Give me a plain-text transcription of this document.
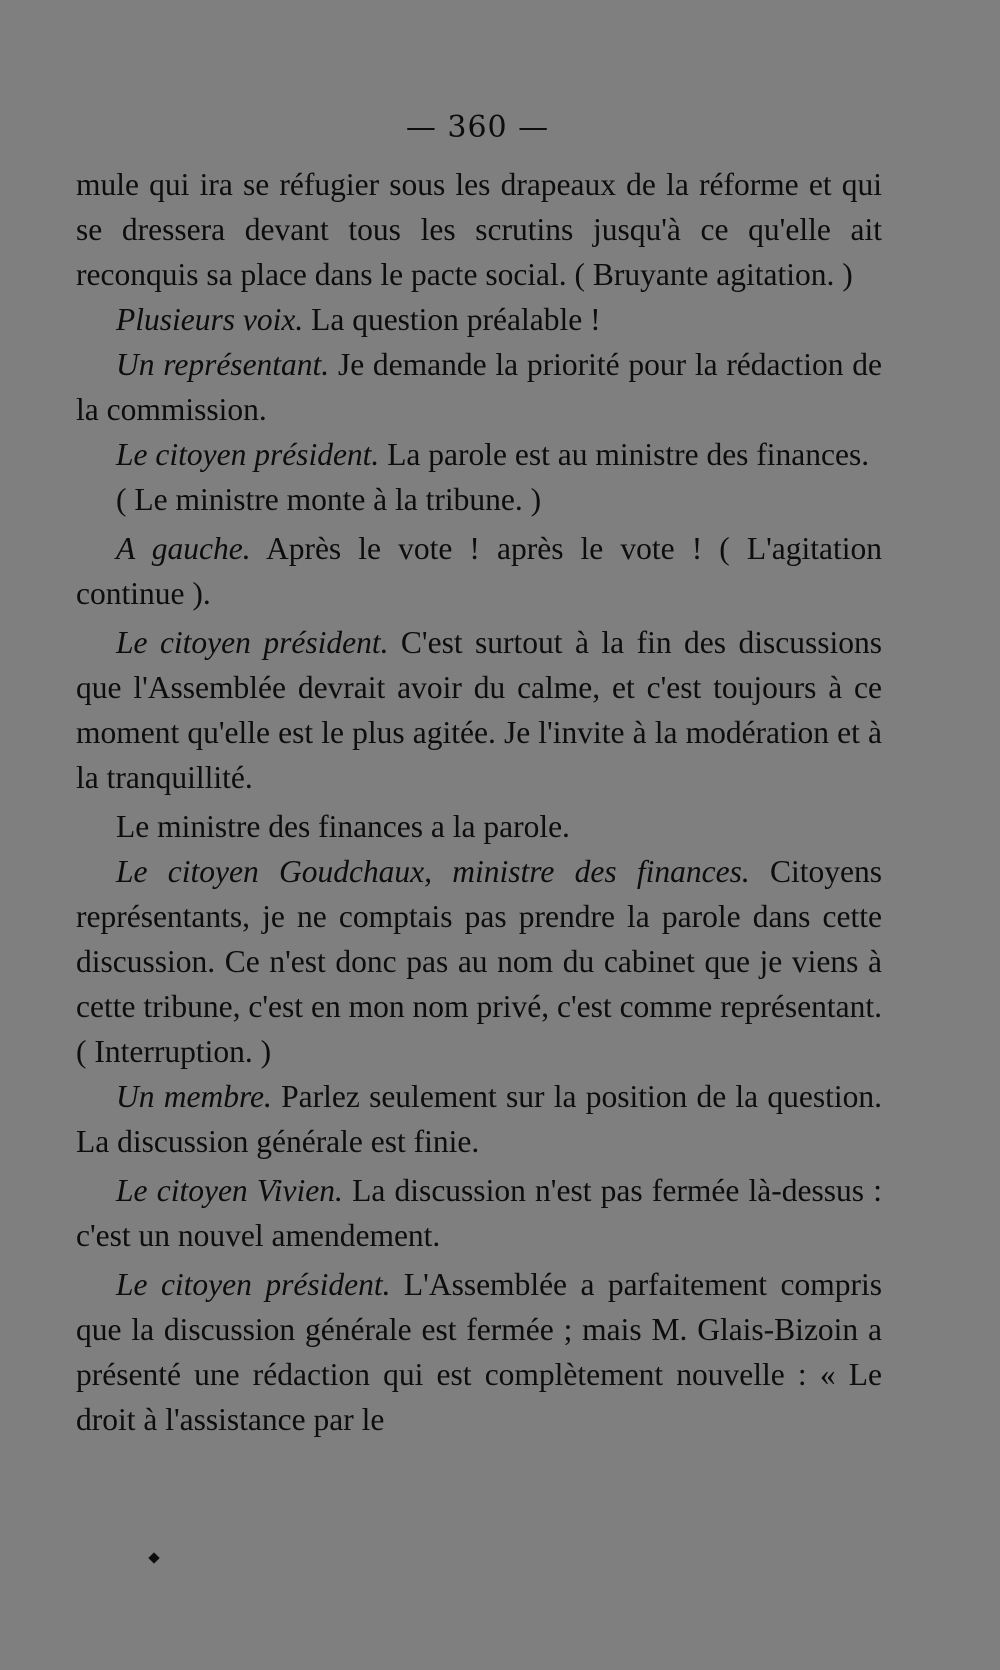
— 360 —

mule qui ira se réfugier sous les drapeaux de la réforme et qui se dressera devant tous les scrutins jusqu'à ce qu'elle ait reconquis sa place dans le pacte social. ( Bruyante agitation. )

Plusieurs voix. La question préalable !

Un représentant. Je demande la priorité pour la rédaction de la commission.

Le citoyen président. La parole est au ministre des finances.

( Le ministre monte à la tribune. )

A gauche. Après le vote ! après le vote ! ( L'agitation continue ).

Le citoyen président. C'est surtout à la fin des discussions que l'Assemblée devrait avoir du calme, et c'est toujours à ce moment qu'elle est le plus agitée. Je l'invite à la modération et à la tranquillité.

Le ministre des finances a la parole.

Le citoyen Goudchaux, ministre des finances. Citoyens représentants, je ne comptais pas prendre la parole dans cette discussion. Ce n'est donc pas au nom du cabinet que je viens à cette tribune, c'est en mon nom privé, c'est comme représentant. ( Interruption. )

Un membre. Parlez seulement sur la position de la question. La discussion générale est finie.

Le citoyen Vivien. La discussion n'est pas fermée là-dessus : c'est un nouvel amendement.

Le citoyen président. L'Assemblée a parfaitement compris que la discussion générale est fermée ; mais M. Glais-Bizoin a présenté une rédaction qui est complètement nouvelle : « Le droit à l'assistance par le
